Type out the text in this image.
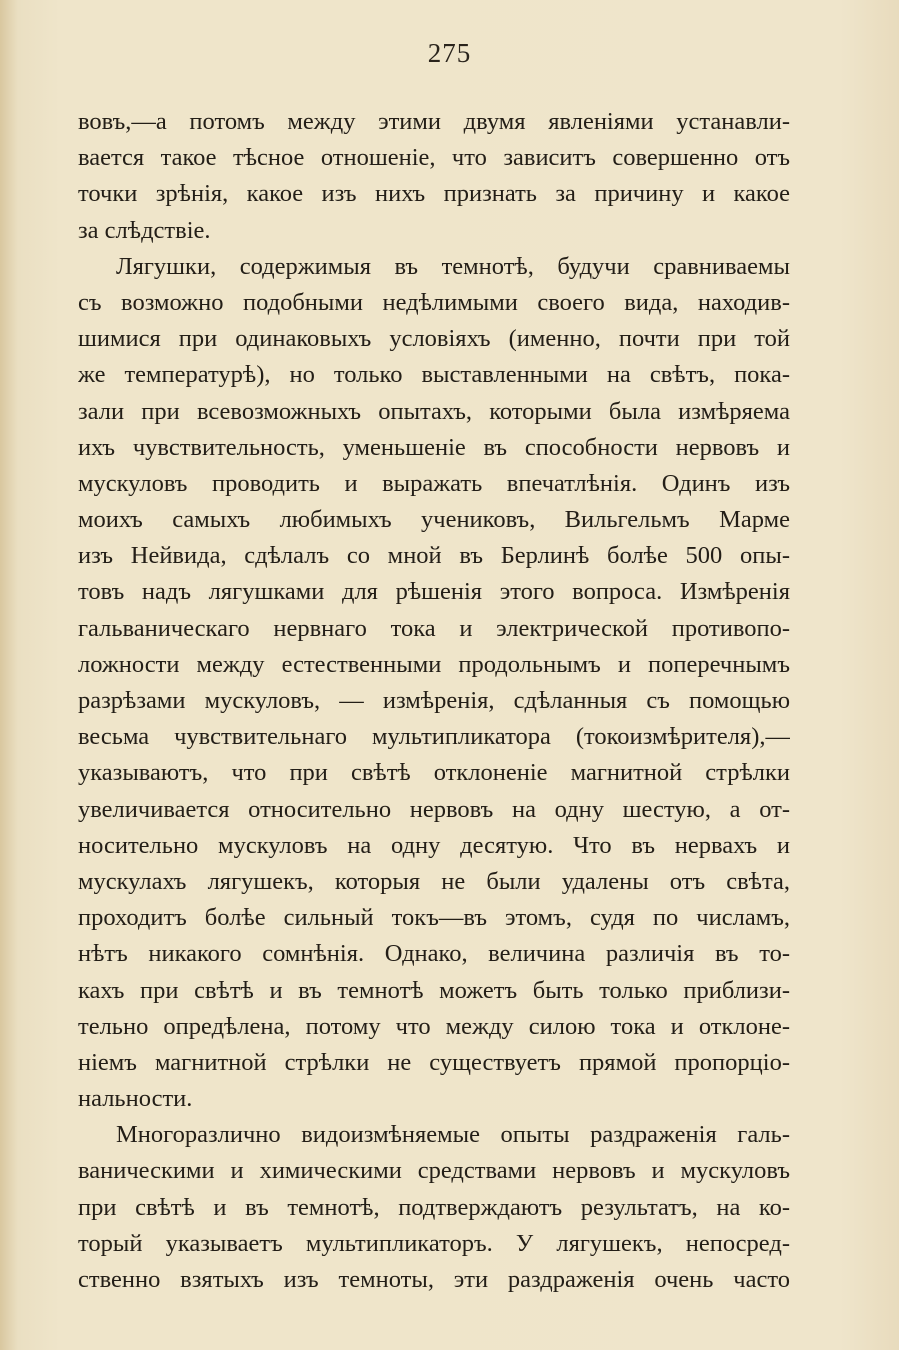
275
вовъ,—а потомъ между этими двумя явленіями устанавли-
вается такое тѣсное отношеніе, что зависитъ совершенно отъ
точки зрѣнія, какое изъ нихъ признать за причину и какое
за слѣдствіе.
Лягушки, содержимыя въ темнотѣ, будучи сравниваемы
съ возможно подобными недѣлимыми своего вида, находив-
шимися при одинаковыхъ условіяхъ (именно, почти при той
же температурѣ), но только выставленными на свѣтъ, пока-
зали при всевозможныхъ опытахъ, которыми была измѣряема
ихъ чувствительность, уменьшеніе въ способности нервовъ и
мускуловъ проводить и выражать впечатлѣнія. Одинъ изъ
моихъ самыхъ любимыхъ учениковъ, Вильгельмъ Марме
изъ Нейвида, сдѣлалъ со мной въ Берлинѣ болѣе 500 опы-
товъ надъ лягушками для рѣшенія этого вопроса. Измѣренія
гальваническаго нервнаго тока и электрической противопо-
ложности между естественными продольнымъ и поперечнымъ
разрѣзами мускуловъ, — измѣренія, сдѣланныя съ помощью
весьма чувствительнаго мультипликатора (токоизмѣрителя),—
указываютъ, что при свѣтѣ отклоненіе магнитной стрѣлки
увеличивается относительно нервовъ на одну шестую, а от-
носительно мускуловъ на одну десятую. Что въ нервахъ и
мускулахъ лягушекъ, которыя не были удалены отъ свѣта,
проходитъ болѣе сильный токъ—въ этомъ, судя по числамъ,
нѣтъ никакого сомнѣнія. Однако, величина различія въ то-
кахъ при свѣтѣ и въ темнотѣ можетъ быть только приблизи-
тельно опредѣлена, потому что между силою тока и отклоне-
ніемъ магнитной стрѣлки не существуетъ прямой пропорціо-
нальности.
Многоразлично видоизмѣняемые опыты раздраженія галь-
ваническими и химическими средствами нервовъ и мускуловъ
при свѣтѣ и въ темнотѣ, подтверждаютъ результатъ, на ко-
торый указываетъ мультипликаторъ. У лягушекъ, непосред-
ственно взятыхъ изъ темноты, эти раздраженія очень часто
